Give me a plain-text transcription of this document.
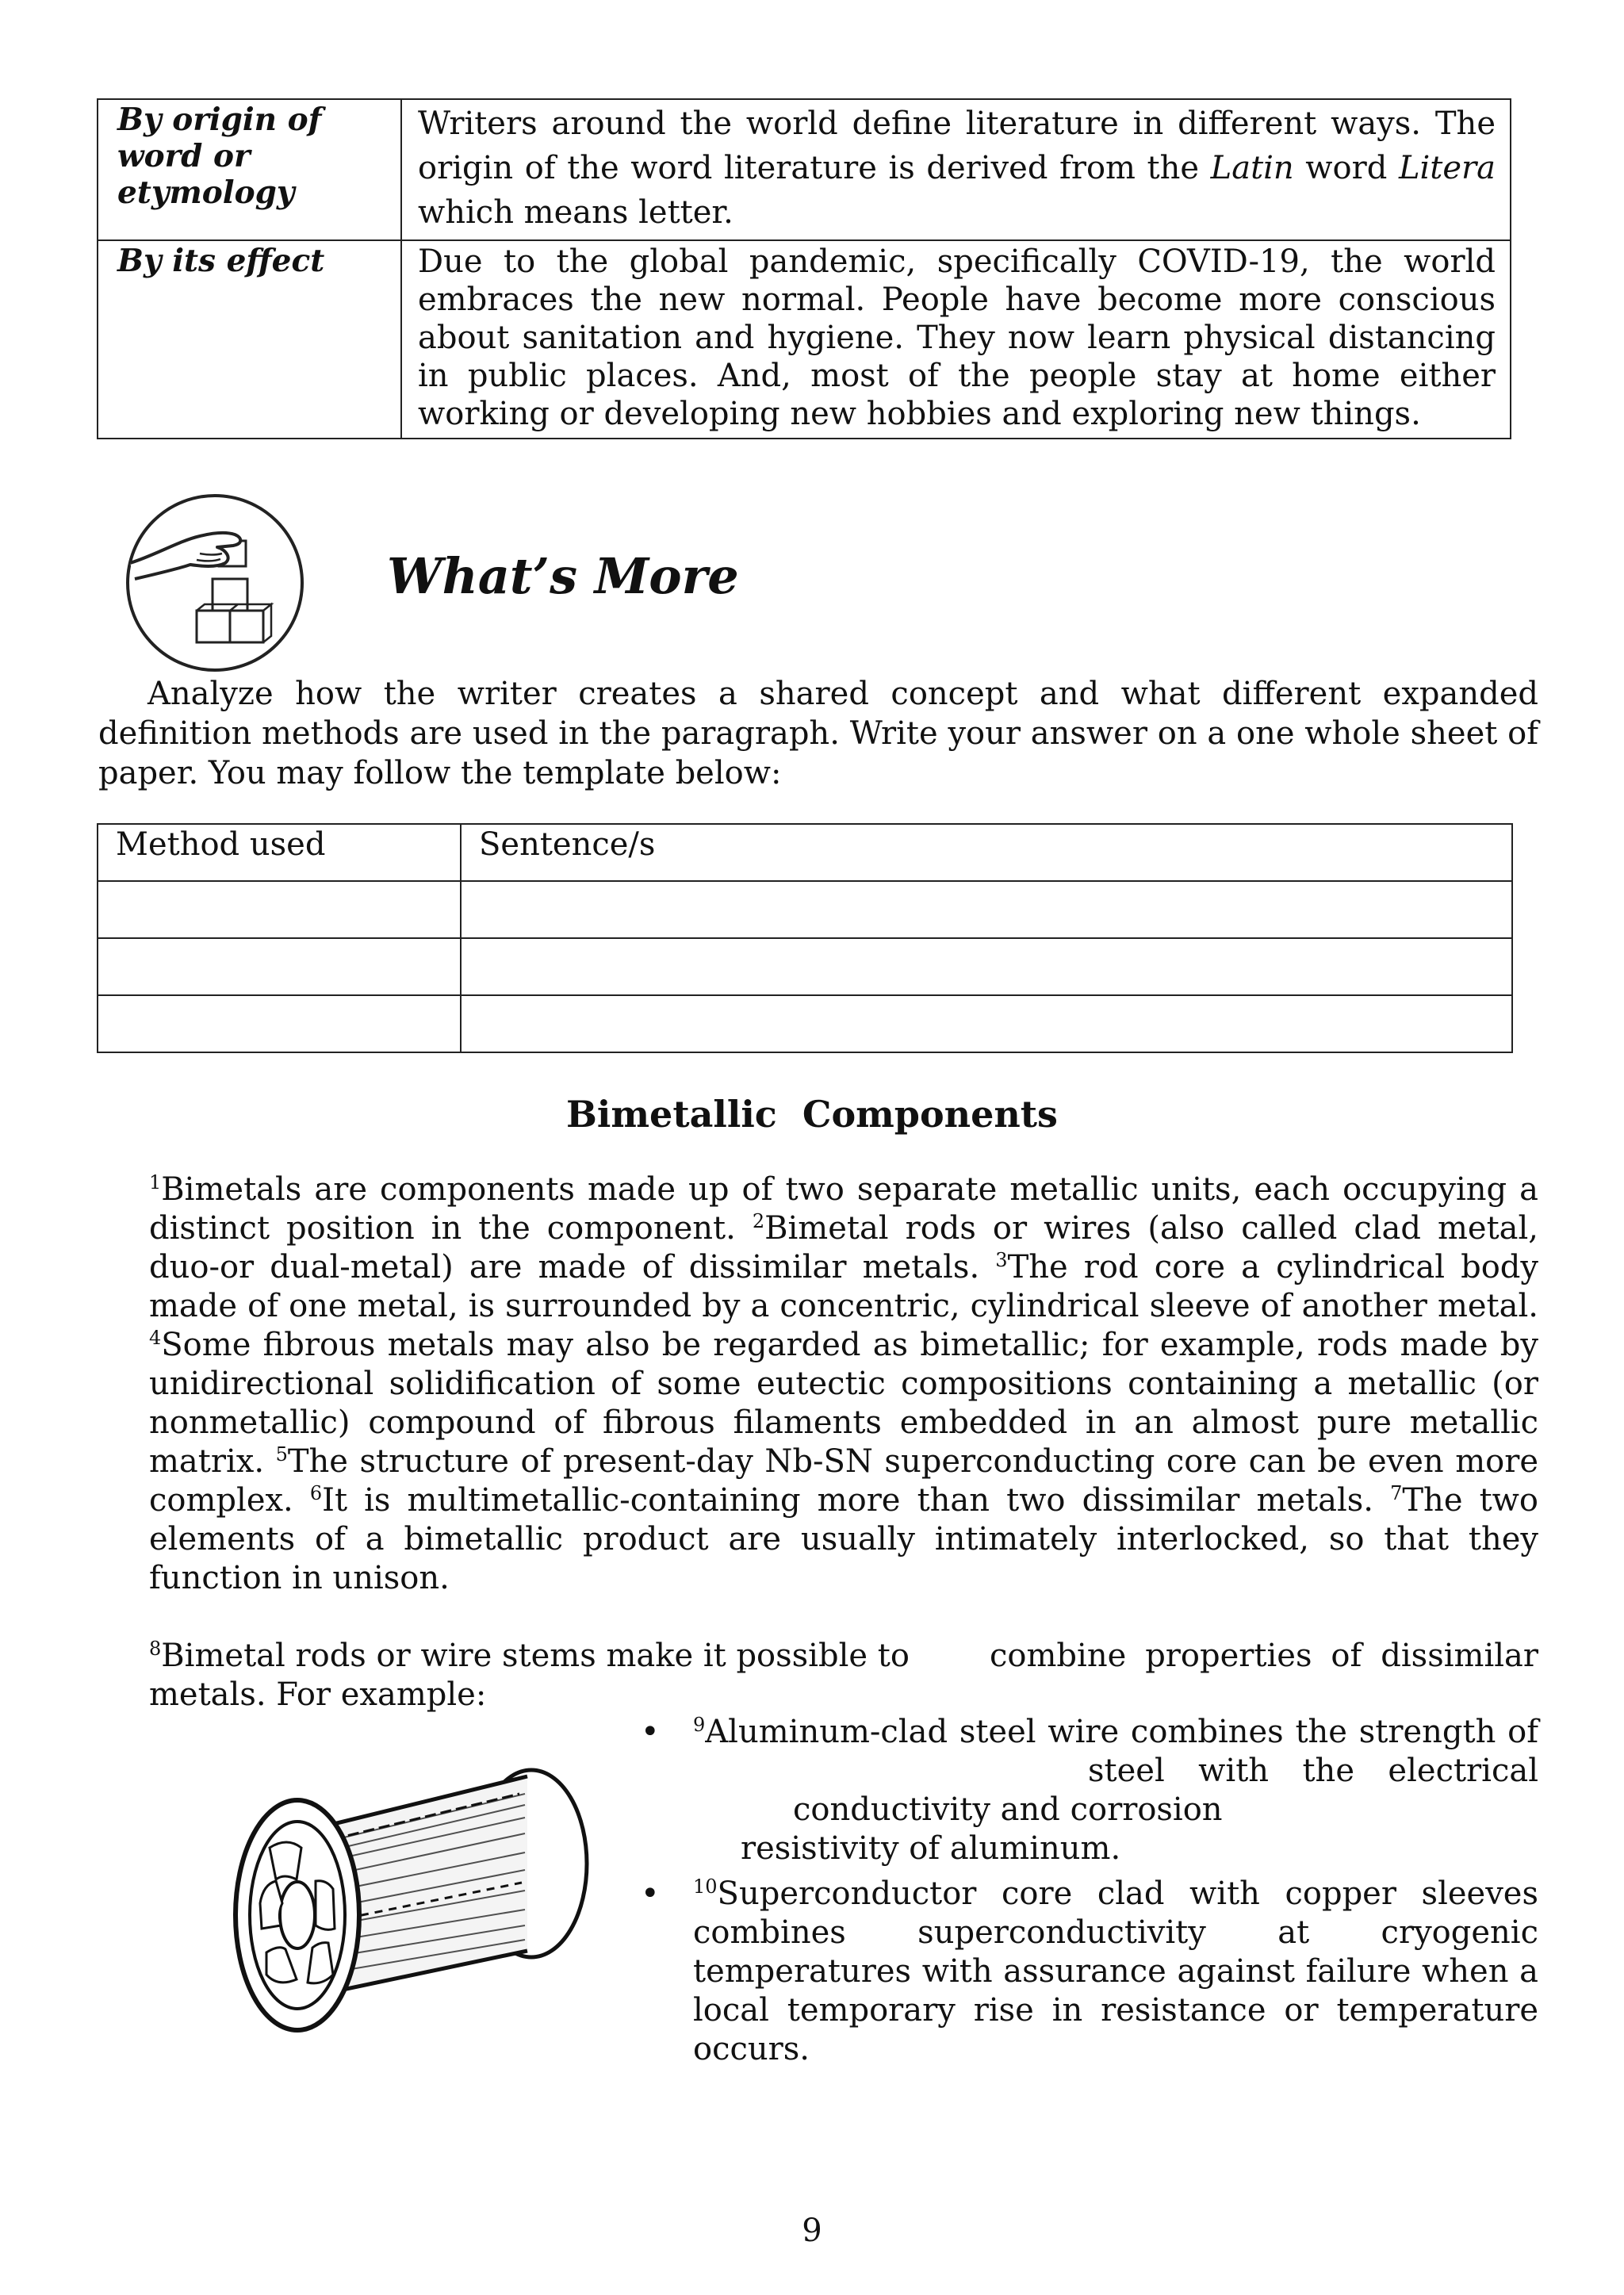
By origin of word or etymology	Writers around the world define literature in different ways. The origin of the word literature is derived from the Latin word Litera which means letter.
By its effect	Due to the global pandemic, specifically COVID-19, the world embraces the new normal. People have become more conscious about sanitation and hygiene. They now learn physical distancing in public places. And, most of the people stay at home either working or developing new hobbies and exploring new things.
What’s More
Analyze how the writer creates a shared concept and what different expanded definition methods are used in the paragraph. Write your answer on a one whole sheet of paper. You may follow the template below:
Method used	Sentence/s

Bimetallic  Components
$^1$Bimetals are components made up of two separate metallic units, each occupying a distinct position in the component. $^2$Bimetal rods or wires (also called clad metal, duo-or dual-metal) are made of dissimilar metals. $^3$The rod core a cylindrical body made of one metal, is surrounded by a concentric, cylindrical sleeve of another metal. $^4$Some fibrous metals may also be regarded as bimetallic; for example, rods made by unidirectional solidification of some eutectic compositions containing a metallic (or nonmetallic) compound of fibrous filaments embedded in an almost pure metallic matrix. $^5$The structure of present-day Nb-SN superconducting core can be even more complex. $^6$It is multimetallic-containing more than two dissimilar metals. $^7$The two elements of a bimetallic product are usually intimately interlocked, so that they function in unison.
$^8$Bimetal rods or wire stems make it possible to	combine properties of dissimilar
metals. For example:
• $^9$Aluminum-clad steel wire combines the strength of
steel with the electrical
conductivity and corrosion
resistivity of aluminum.
• $^{10}$Superconductor core clad with copper sleeves combines superconductivity at cryogenic temperatures with assurance against failure when a local temporary rise in resistance or temperature occurs.
9
